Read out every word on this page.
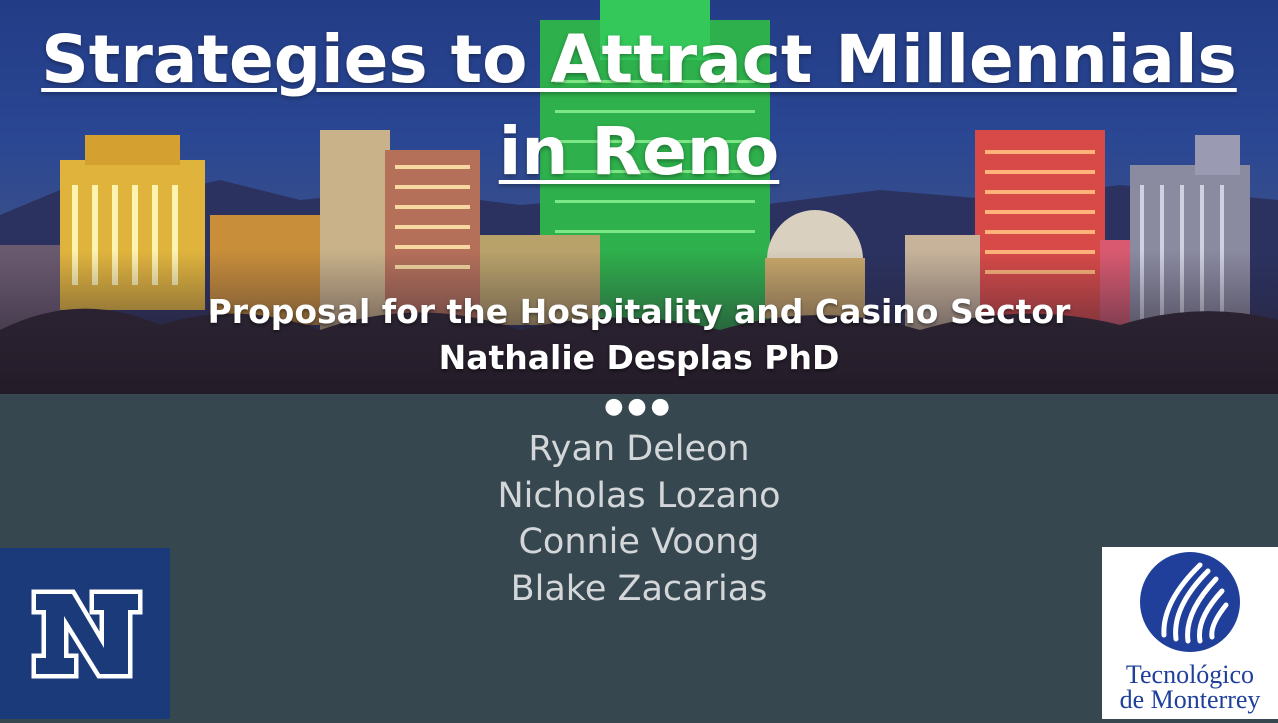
Strategies to Attract Millennials
in Reno
Proposal for the Hospitality and Casino Sector
Nathalie Desplas PhD
●●●
Ryan Deleon
Nicholas Lozano
Connie Voong
Blake Zacarias
Tecnológico
de Monterrey
